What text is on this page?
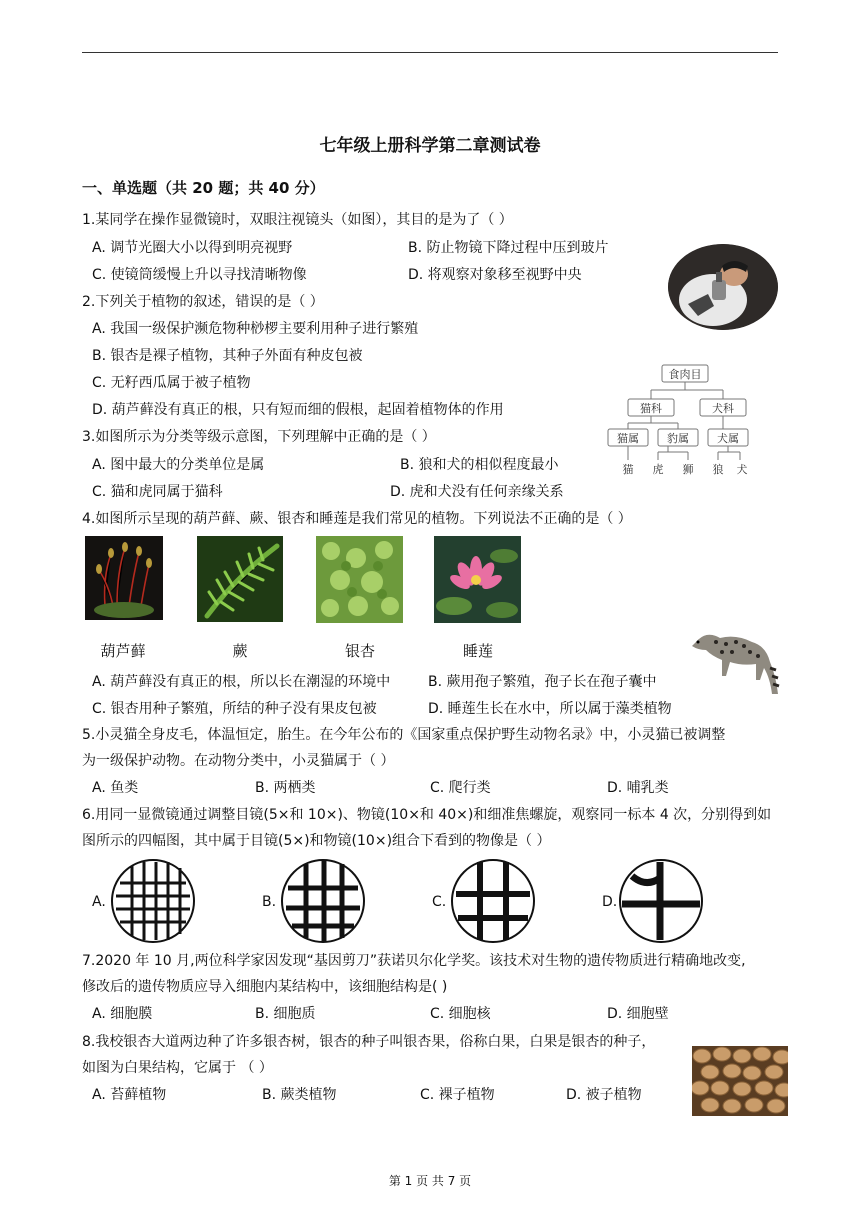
七年级上册科学第二章测试卷
一、单选题（共 20 题；共 40 分）
1.某同学在操作显微镜时，双眼注视镜头（如图），其目的是为了（ ）
A. 调节光圈大小以得到明亮视野	B. 防止物镜下降过程中压到玻片
C. 使镜筒缓慢上升以寻找清晰物像	D. 将观察对象移至视野中央
2.下列关于植物的叙述，错误的是（ ）
A. 我国一级保护濒危物种桫椤主要利用种子进行繁殖
B. 银杏是裸子植物，其种子外面有种皮包被
C. 无籽西瓜属于被子植物
D. 葫芦藓没有真正的根，只有短而细的假根，起固着植物体的作用
食肉目
猫科	犬科
猫属	豹属	犬属
猫 虎 狮 狼 犬
3.如图所示为分类等级示意图，下列理解中正确的是（ ）
A. 图中最大的分类单位是属	B. 狼和犬的相似程度最小
C. 猫和虎同属于猫科	D. 虎和犬没有任何亲缘关系
4.如图所示呈现的葫芦藓、蕨、银杏和睡莲是我们常见的植物。下列说法不正确的是（ ）
葫芦藓	蕨	银杏	睡莲
A. 葫芦藓没有真正的根，所以长在潮湿的环境中	B. 蕨用孢子繁殖，孢子长在孢子囊中
C. 银杏用种子繁殖，所结的种子没有果皮包被	D. 睡莲生长在水中，所以属于藻类植物
5.小灵猫全身皮毛，体温恒定，胎生。在今年公布的《国家重点保护野生动物名录》中，小灵猫已被调整
为一级保护动物。在动物分类中，小灵猫属于（ ）
A. 鱼类	B. 两栖类	C. 爬行类	D. 哺乳类
6.用同一显微镜通过调整目镜(5×和 10×)、物镜(10×和 40×)和细准焦螺旋，观察同一标本 4 次，分别得到如
图所示的四幅图，其中属于目镜(5×)和物镜(10×)组合下看到的物像是（ ）
A.	B.	C.	D.
7.2020 年 10 月,两位科学家因发现“基因剪刀”获诺贝尔化学奖。该技术对生物的遗传物质进行精确地改变,
修改后的遗传物质应导入细胞内某结构中，该细胞结构是( )
A. 细胞膜	B. 细胞质	C. 细胞核	D. 细胞壁
8.我校银杏大道两边种了许多银杏树，银杏的种子叫银杏果，俗称白果，白果是银杏的种子，
如图为白果结构，它属于 （ ）
A. 苔藓植物	B. 蕨类植物	C. 裸子植物	D. 被子植物
第 1 页 共 7 页
